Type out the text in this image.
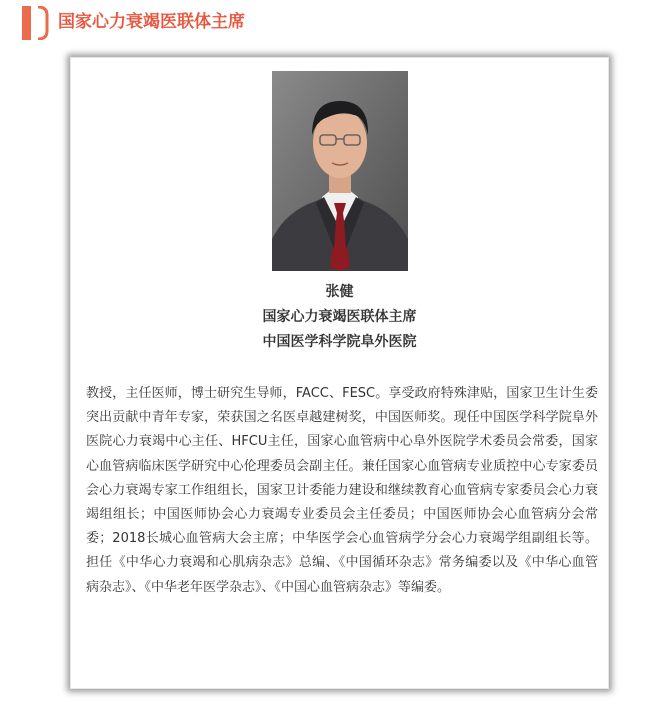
国家心力衰竭医联体主席
张健
国家心力衰竭医联体主席
中国医学科学院阜外医院

教授，主任医师，博士研究生导师，FACC、FESC。享受政府特殊津贴，国家卫生计生委突出贡献中青年专家，荣获国之名医卓越建树奖，中国医师奖。现任中国医学科学院阜外医院心力衰竭中心主任、HFCU主任，国家心血管病中心阜外医院学术委员会常委，国家心血管病临床医学研究中心伦理委员会副主任。兼任国家心血管病专业质控中心专家委员会心力衰竭专家工作组组长，国家卫计委能力建设和继续教育心血管病专家委员会心力衰竭组组长；中国医师协会心力衰竭专业委员会主任委员；中国医师协会心血管病分会常委；2018长城心血管病大会主席；中华医学会心血管病学分会心力衰竭学组副组长等。担任《中华心力衰竭和心肌病杂志》总编、《中国循环杂志》常务编委以及《中华心血管病杂志》、《中华老年医学杂志》、《中国心血管病杂志》等编委。
